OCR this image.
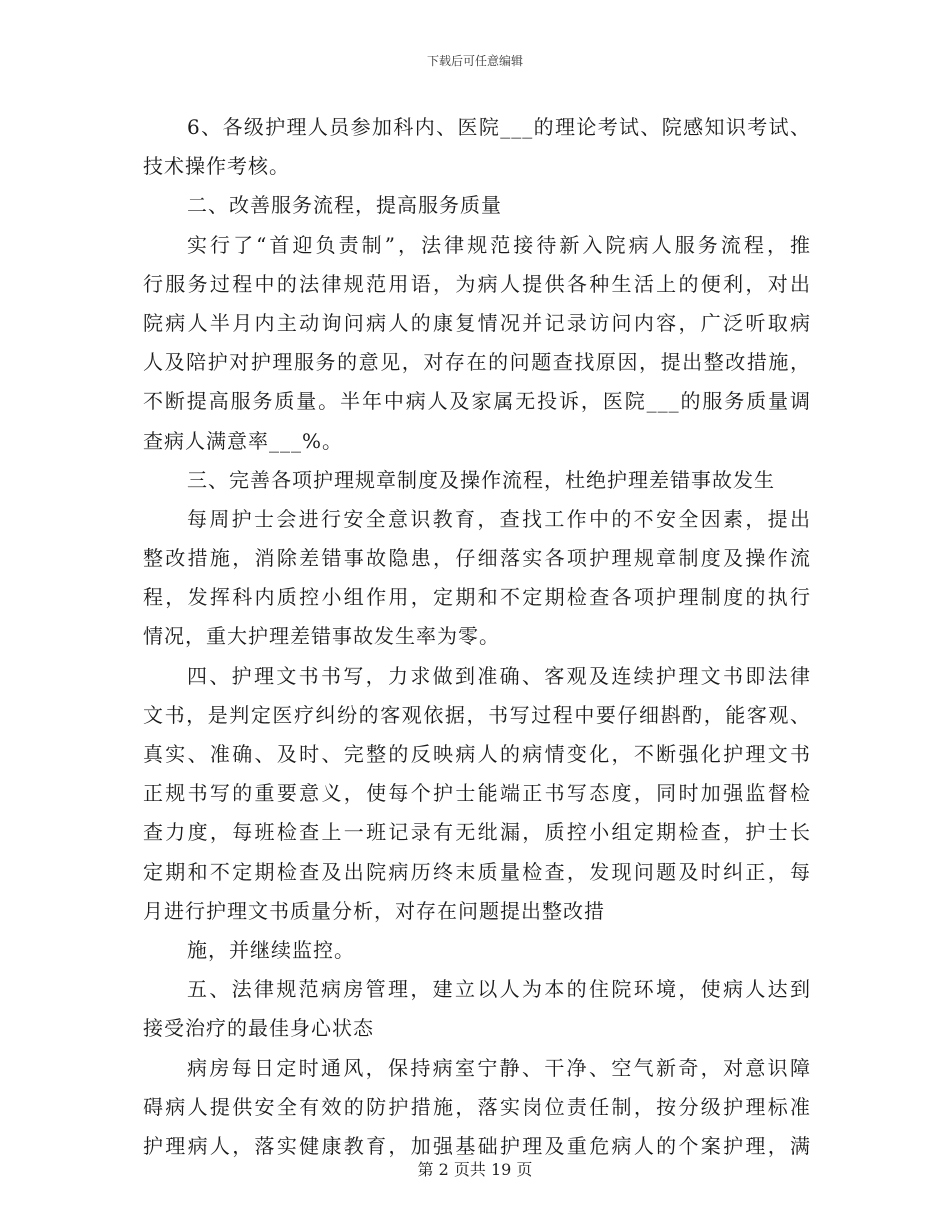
下载后可任意编辑
6、各级护理人员参加科内、医院___的理论考试、院感知识考试、
技术操作考核。
二、改善服务流程，提高服务质量
实行了“首迎负责制”，法律规范接待新入院病人服务流程，推
行服务过程中的法律规范用语，为病人提供各种生活上的便利，对出
院病人半月内主动询问病人的康复情况并记录访问内容，广泛听取病
人及陪护对护理服务的意见，对存在的问题查找原因，提出整改措施，
不断提高服务质量。半年中病人及家属无投诉，医院___的服务质量调
查病人满意率___%。
三、完善各项护理规章制度及操作流程，杜绝护理差错事故发生
每周护士会进行安全意识教育，查找工作中的不安全因素，提出
整改措施，消除差错事故隐患，仔细落实各项护理规章制度及操作流
程，发挥科内质控小组作用，定期和不定期检查各项护理制度的执行
情况，重大护理差错事故发生率为零。
四、护理文书书写，力求做到准确、客观及连续护理文书即法律
文书，是判定医疗纠纷的客观依据，书写过程中要仔细斟酌，能客观、
真实、准确、及时、完整的反映病人的病情变化，不断强化护理文书
正规书写的重要意义，使每个护士能端正书写态度，同时加强监督检
查力度，每班检查上一班记录有无纰漏，质控小组定期检查，护士长
定期和不定期检查及出院病历终末质量检查，发现问题及时纠正，每
月进行护理文书质量分析，对存在问题提出整改措
施，并继续监控。
五、法律规范病房管理，建立以人为本的住院环境，使病人达到
接受治疗的最佳身心状态
病房每日定时通风，保持病室宁静、干净、空气新奇，对意识障
碍病人提供安全有效的防护措施，落实岗位责任制，按分级护理标准
护理病人，落实健康教育，加强基础护理及重危病人的个案护理，满
第 2 页共 19 页
